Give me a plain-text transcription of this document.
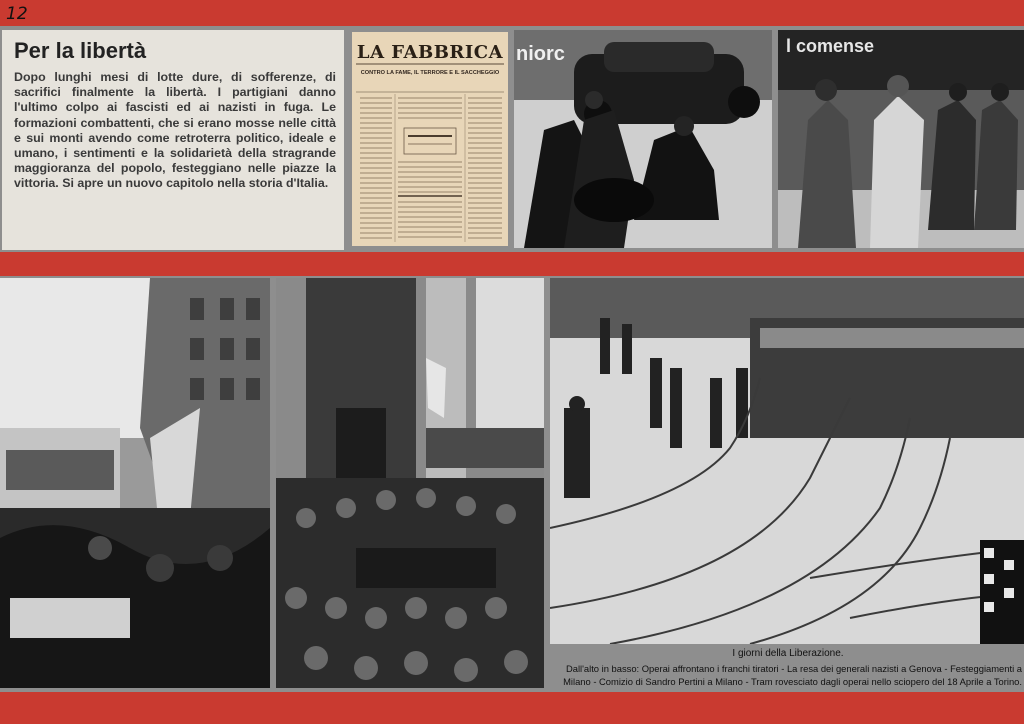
12
Per la libertà

Dopo lunghi mesi di lotte dure, di sofferenze, di sacrifici finalmente la libertà. I partigiani danno l'ultimo colpo ai fascisti ed ai nazisti in fuga. Le formazioni combattenti, che si erano mosse nelle città e sui monti avendo come retroterra politico, ideale e umano, i sentimenti e la solidarietà della stragrande maggioranza del popolo, festeggiano nelle piazze la vittoria. Si apre un nuovo capitolo nella storia d'Italia.

LA FABBRICA
CONTRO LA FAME, IL TERRORE E IL SACCHEGGIO
niorc	l comense
I giorni della Liberazione.

Dall'alto in basso: Operai affrontano i franchi tiratori - La resa dei generali nazisti a Genova - Festeggiamenti a Milano - Comizio di Sandro Pertini a Milano - Tram rovesciato dagli operai nello sciopero del 18 Aprile a Torino.
